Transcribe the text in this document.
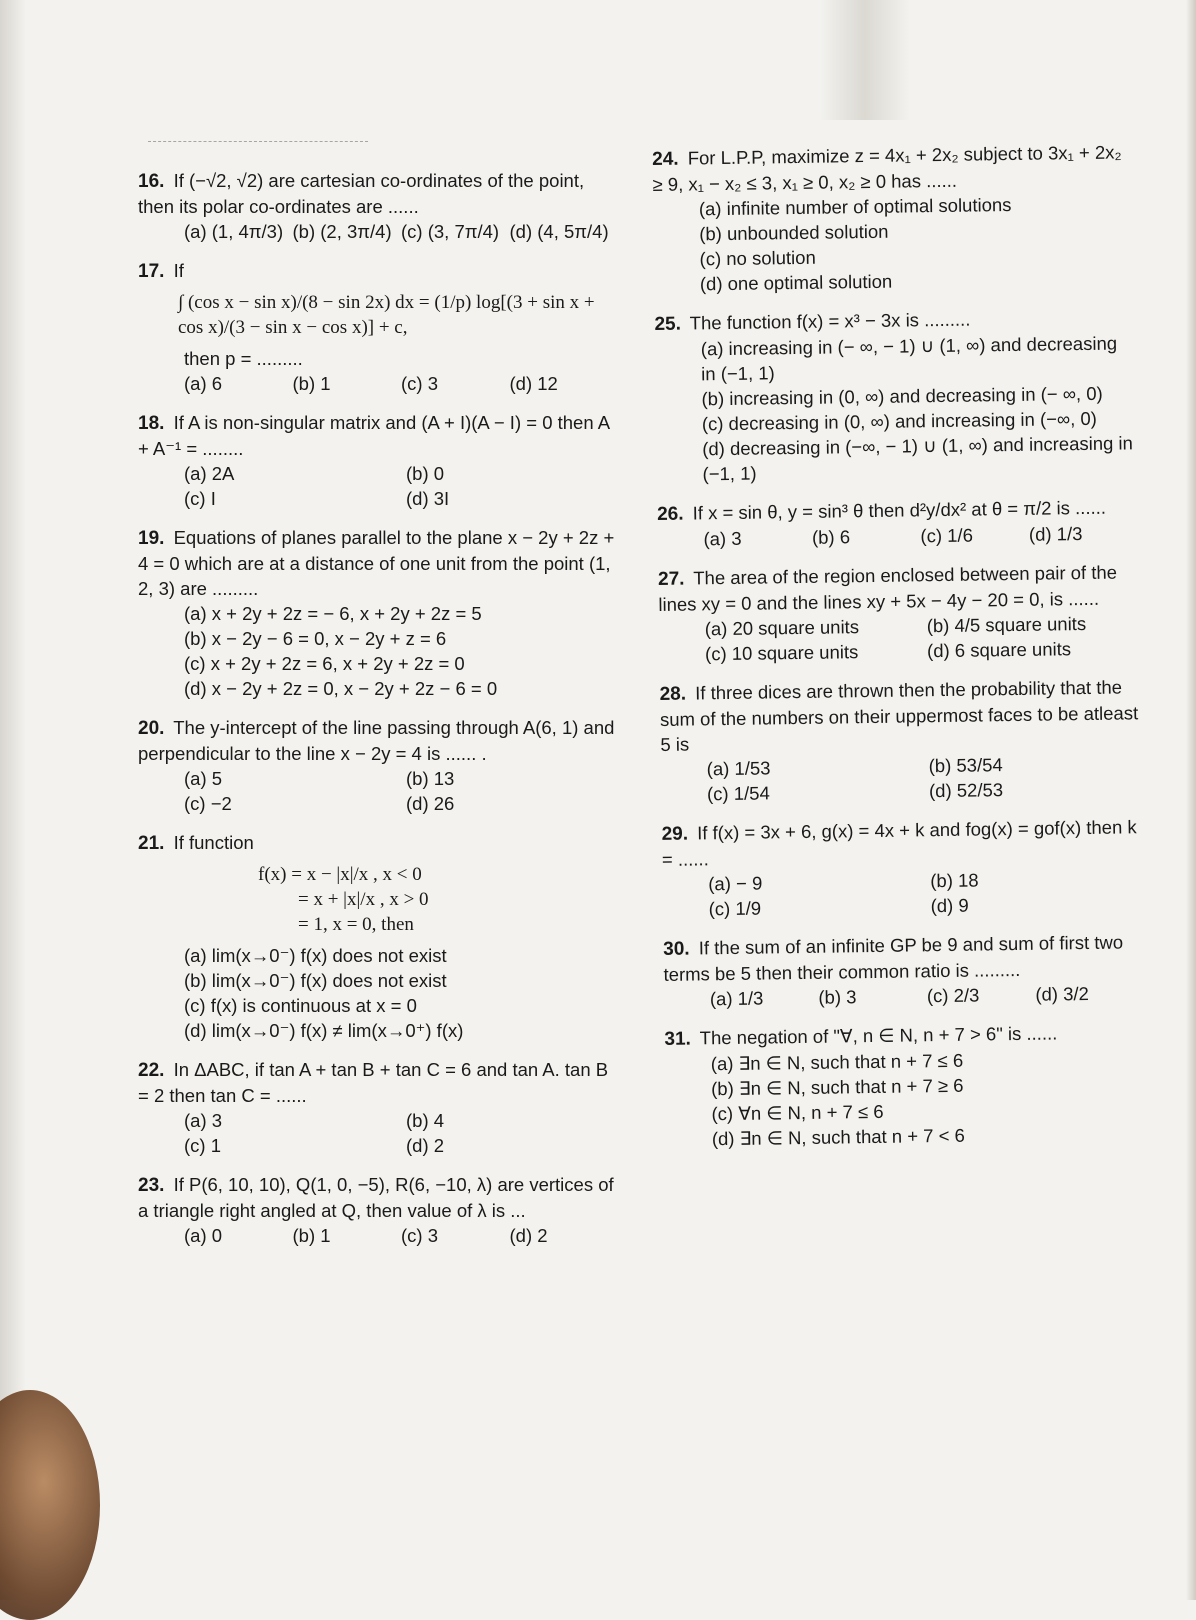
16. If (−√2, √2) are cartesian co-ordinates of the point, then its polar co-ordinates are ......
(a) (1, 4π/3) (b) (2, 3π/4) (c) (3, 7π/4) (d) (4, 5π/4)
17. If
∫ (cos x − sin x)/(8 − sin 2x) dx = (1/p) log[(3 + sin x + cos x)/(3 − sin x − cos x)] + c,
then p = .........
(a) 6	(b) 1	(c) 3	(d) 12
18. If A is non-singular matrix and (A + I)(A − I) = 0 then A + A⁻¹ = ........
(a) 2A	(b) 0
(c) I	(d) 3I
19. Equations of planes parallel to the plane x − 2y + 2z + 4 = 0 which are at a distance of one unit from the point (1, 2, 3) are .........
(a) x + 2y + 2z = − 6, x + 2y + 2z = 5
(b) x − 2y − 6 = 0, x − 2y + z = 6
(c) x + 2y + 2z = 6, x + 2y + 2z = 0
(d) x − 2y + 2z = 0, x − 2y + 2z − 6 = 0
20. The y-intercept of the line passing through A(6, 1) and perpendicular to the line x − 2y = 4 is ...... .
(a) 5	(b) 13
(c) −2	(d) 26
21. If function
f(x) = x − |x|/x , x < 0
= x + |x|/x , x > 0
= 1, x = 0, then
(a) lim(x→0⁻) f(x) does not exist
(b) lim(x→0⁻) f(x) does not exist
(c) f(x) is continuous at x = 0
(d) lim(x→0⁻) f(x) ≠ lim(x→0⁺) f(x)
22. In ΔABC, if tan A + tan B + tan C = 6 and tan A. tan B = 2 then tan C = ......
(a) 3	(b) 4
(c) 1	(d) 2
23. If P(6, 10, 10), Q(1, 0, −5), R(6, −10, λ) are vertices of a triangle right angled at Q, then value of λ is ...
(a) 0	(b) 1	(c) 3	(d) 2
24. For L.P.P, maximize z = 4x₁ + 2x₂ subject to 3x₁ + 2x₂ ≥ 9, x₁ − x₂ ≤ 3, x₁ ≥ 0, x₂ ≥ 0 has ......
(a) infinite number of optimal solutions
(b) unbounded solution
(c) no solution
(d) one optimal solution
25. The function f(x) = x³ − 3x is .........
(a) increasing in (− ∞, − 1) ∪ (1, ∞) and decreasing in (−1, 1)
(b) increasing in (0, ∞) and decreasing in (− ∞, 0)
(c) decreasing in (0, ∞) and increasing in (−∞, 0)
(d) decreasing in (−∞, − 1) ∪ (1, ∞) and increasing in (−1, 1)
26. If x = sin θ, y = sin³ θ then d²y/dx² at θ = π/2 is ......
(a) 3	(b) 6	(c) 1/6	(d) 1/3
27. The area of the region enclosed between pair of the lines xy = 0 and the lines xy + 5x − 4y − 20 = 0, is ......
(a) 20 square units	(b) 4/5 square units
(c) 10 square units	(d) 6 square units
28. If three dices are thrown then the probability that the sum of the numbers on their uppermost faces to be atleast 5 is
(a) 1/53	(b) 53/54
(c) 1/54	(d) 52/53
29. If f(x) = 3x + 6, g(x) = 4x + k and fog(x) = gof(x) then k = ......
(a) − 9	(b) 18
(c) 1/9	(d) 9
30. If the sum of an infinite GP be 9 and sum of first two terms be 5 then their common ratio is .........
(a) 1/3	(b) 3	(c) 2/3	(d) 3/2
31. The negation of "∀, n ∈ N, n + 7 > 6" is ......
(a) ∃n ∈ N, such that n + 7 ≤ 6
(b) ∃n ∈ N, such that n + 7 ≥ 6
(c) ∀n ∈ N, n + 7 ≤ 6
(d) ∃n ∈ N, such that n + 7 < 6
